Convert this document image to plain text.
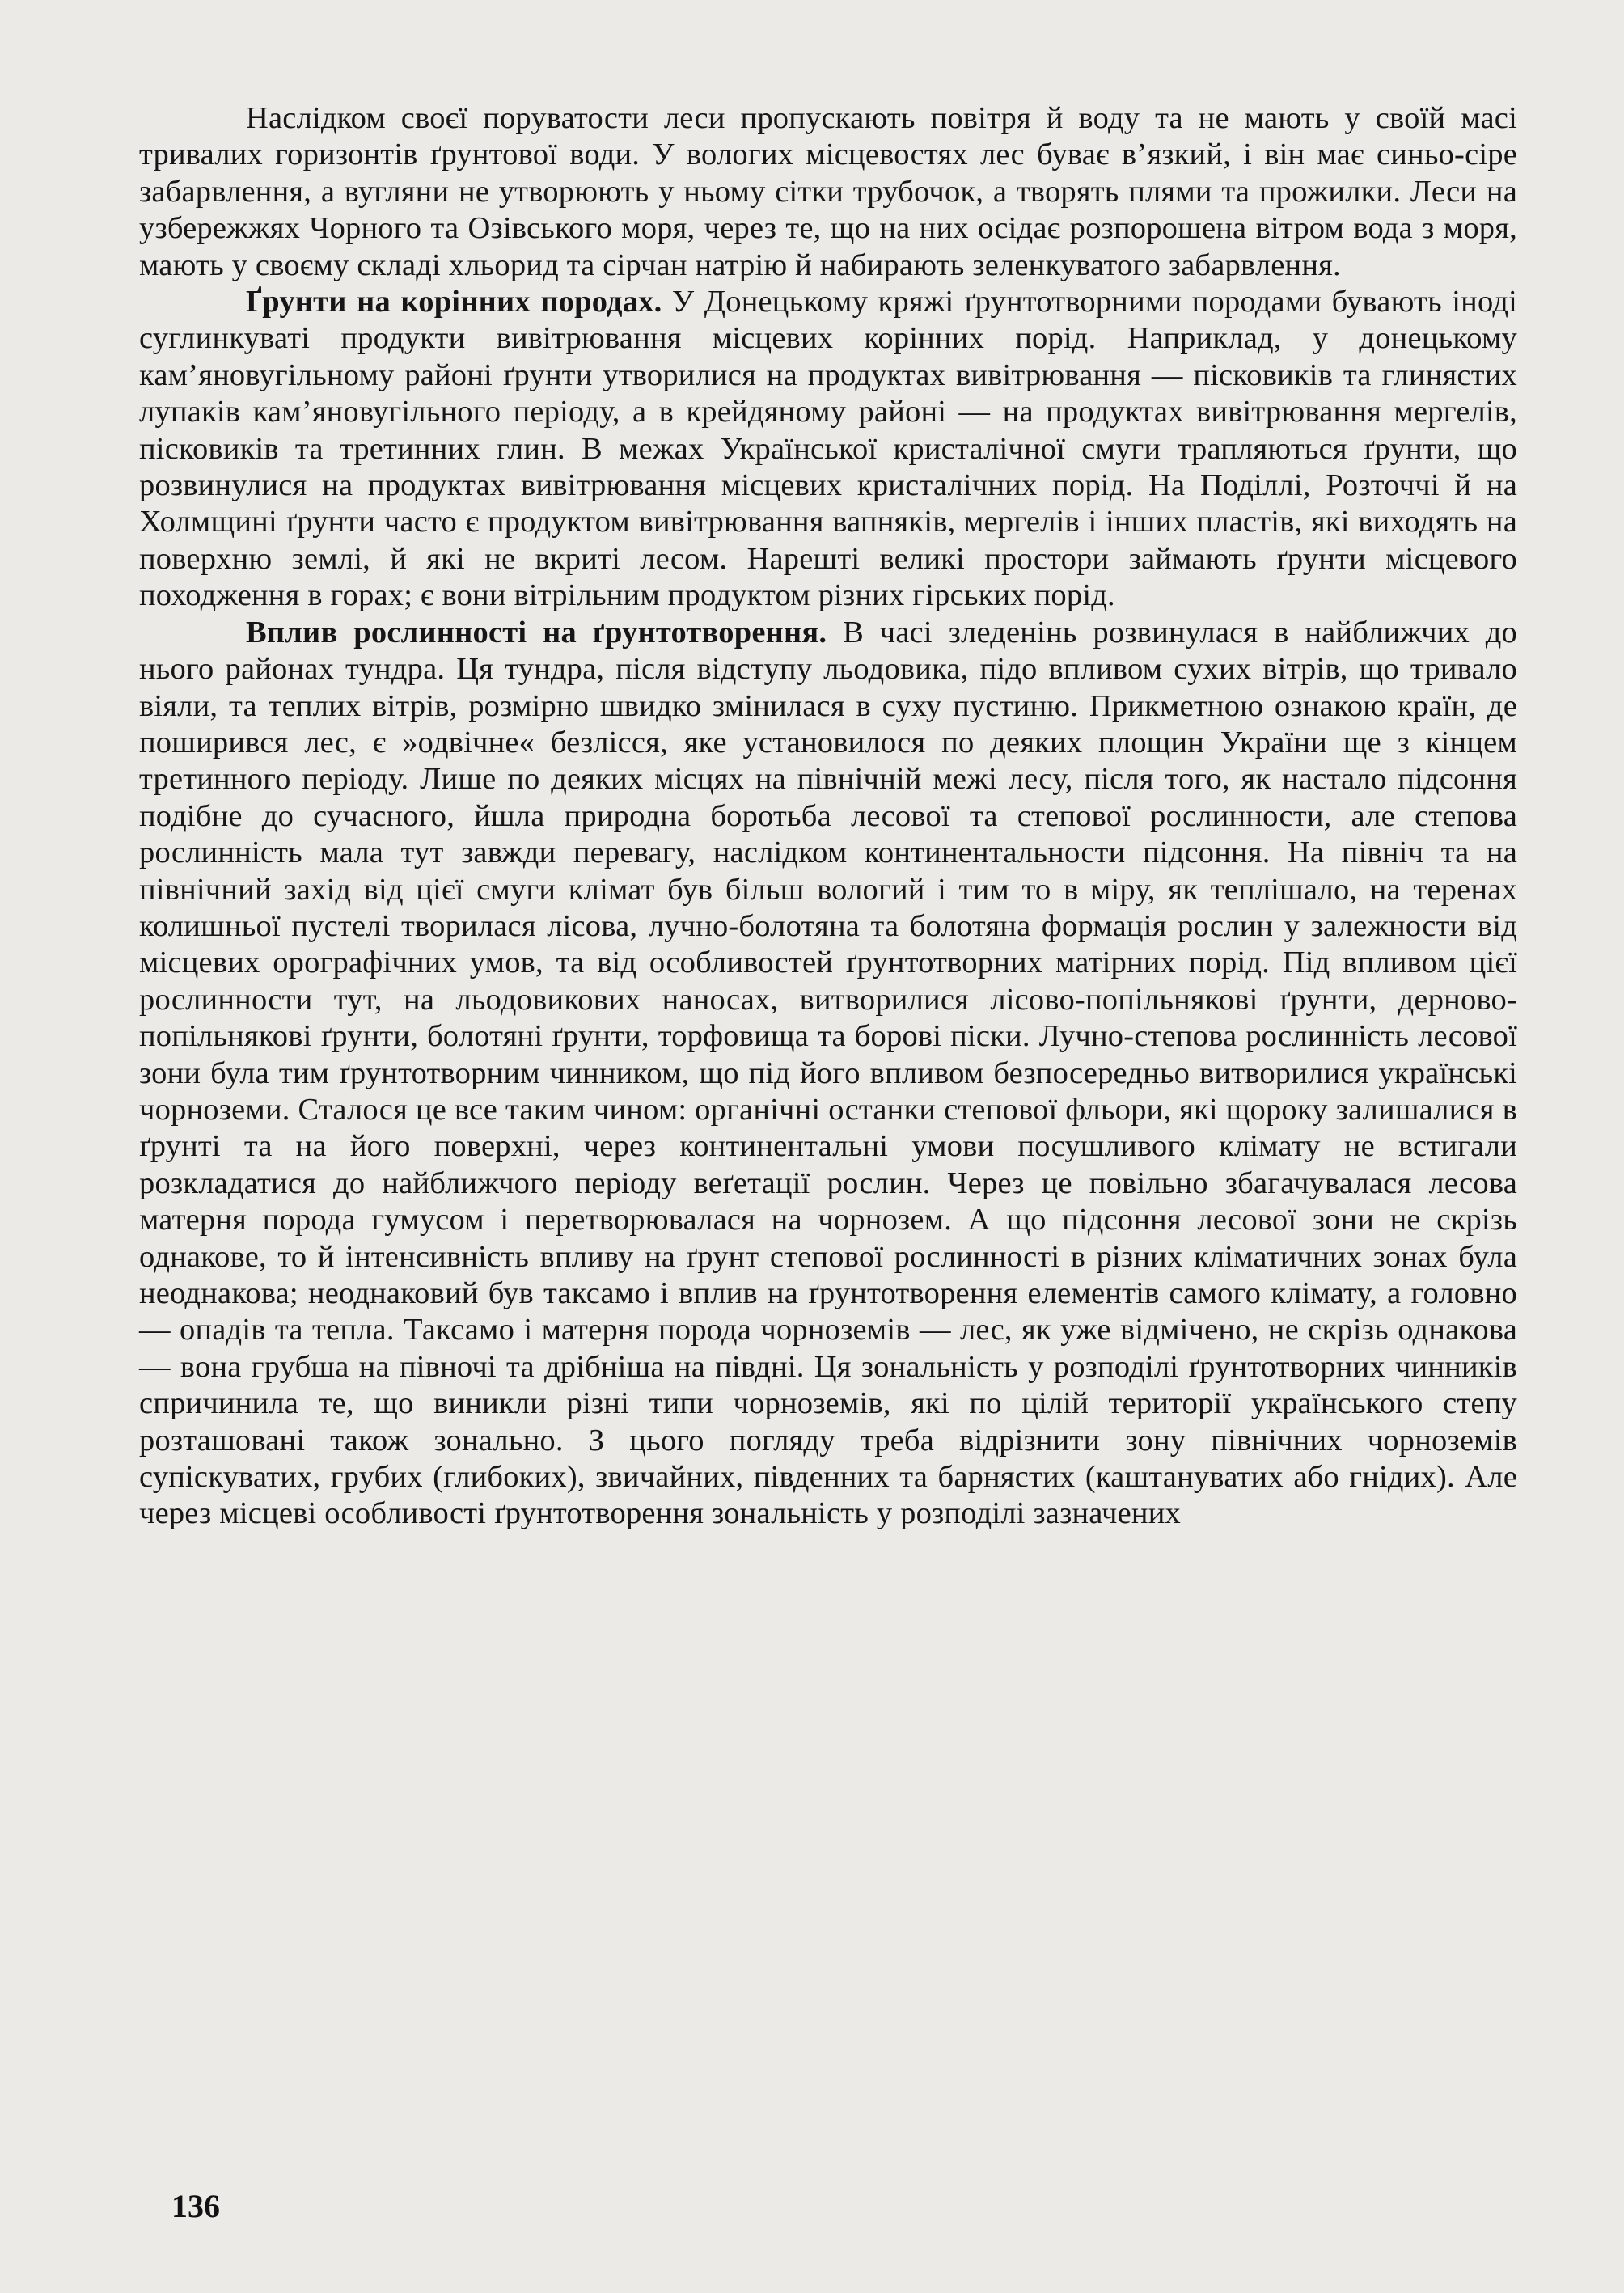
Наслідком своєї поруватости леси пропускають повітря й воду та не мають у своїй масі тривалих горизонтів ґрунтової води. У вологих місцевостях лес буває в’язкий, і він має синьо-сіре забарвлення, а вугляни не утворюють у ньому сітки трубочок, а творять плями та прожилки. Леси на узбережжях Чорного та Озівського моря, через те, що на них осідає розпорошена вітром вода з моря, мають у своєму складі хльорид та сірчан натрію й набирають зеленкуватого забарвлення.

Ґрунти на корінних породах. У Донецькому кряжі ґрунтотворними породами бувають іноді суглинкуваті продукти вивітрювання місцевих корінних порід. Наприклад, у донецькому кам’яновугільному районі ґрунти утворилися на продуктах вивітрювання — пісковиків та глинястих лупаків кам’яновугільного періоду, а в крейдяному районі — на продуктах вивітрювання мергелів, пісковиків та третинних глин. В межах Української кристалічної смуги трапляються ґрунти, що розвинулися на продуктах вивітрювання місцевих кристалічних порід. На Поділлі, Розточчі й на Холмщині ґрунти часто є продуктом вивітрювання вапняків, мергелів і інших пластів, які виходять на поверхню землі, й які не вкриті лесом. Нарешті великі простори займають ґрунти місцевого походження в горах; є вони вітрільним продуктом різних гірських порід.

Вплив рослинності на ґрунтотворення. В часі зледенінь розвинулася в найближчих до нього районах тундра. Ця тундра, після відступу льодовика, підо впливом сухих вітрів, що тривало віяли, та теплих вітрів, розмірно швидко змінилася в суху пустиню. Прикметною ознакою країн, де поширився лес, є »одвічне« безлісся, яке установилося по деяких площин України ще з кінцем третинного періоду. Лише по деяких місцях на північній межі лесу, після того, як настало підсоння подібне до сучасного, йшла природна боротьба лесової та степової рослинности, але степова рослинність мала тут завжди перевагу, наслідком континентальности підсоння. На північ та на північний захід від цієї смуги клімат був більш вологий і тим то в міру, як теплішало, на теренах колишньої пустелі творилася лісова, лучно-болотяна та болотяна формація рослин у залежности від місцевих орографічних умов, та від особливостей ґрунтотворних матірних порід. Під впливом цієї рослинности тут, на льодовикових наносах, витворилися лісово-попільнякові ґрунти, дерново-попільнякові ґрунти, болотяні ґрунти, торфовища та борові піски. Лучно-степова рослинність лесової зони була тим ґрунтотворним чинником, що під його впливом безпосередньо витворилися українські чорноземи. Сталося це все таким чином: органічні останки степової фльори, які щороку залишалися в ґрунті та на його поверхні, через континентальні умови посушливого клімату не встигали розкладатися до найближчого періоду веґетації рослин. Через це повільно збагачувалася лесова матерня порода гумусом і перетворювалася на чорнозем. А що підсоння лесової зони не скрізь однакове, то й інтенсивність впливу на ґрунт степової рослинності в різних кліматичних зонах була неоднакова; неоднаковий був таксамо і вплив на ґрунтотворення елементів самого клімату, а головно — опадів та тепла. Таксамо і матерня порода чорноземів — лес, як уже відмічено, не скрізь однакова — вона грубша на півночі та дрібніша на півдні. Ця зональність у розподілі ґрунтотворних чинників спричинила те, що виникли різні типи чорноземів, які по цілій території українського степу розташовані також зонально. З цього погляду треба відрізнити зону північних чорноземів супіскуватих, грубих (глибоких), звичайних, південних та барнястих (каштануватих або гнідих). Але через місцеві особливості ґрунтотворення зональність у розподілі зазначених

136
